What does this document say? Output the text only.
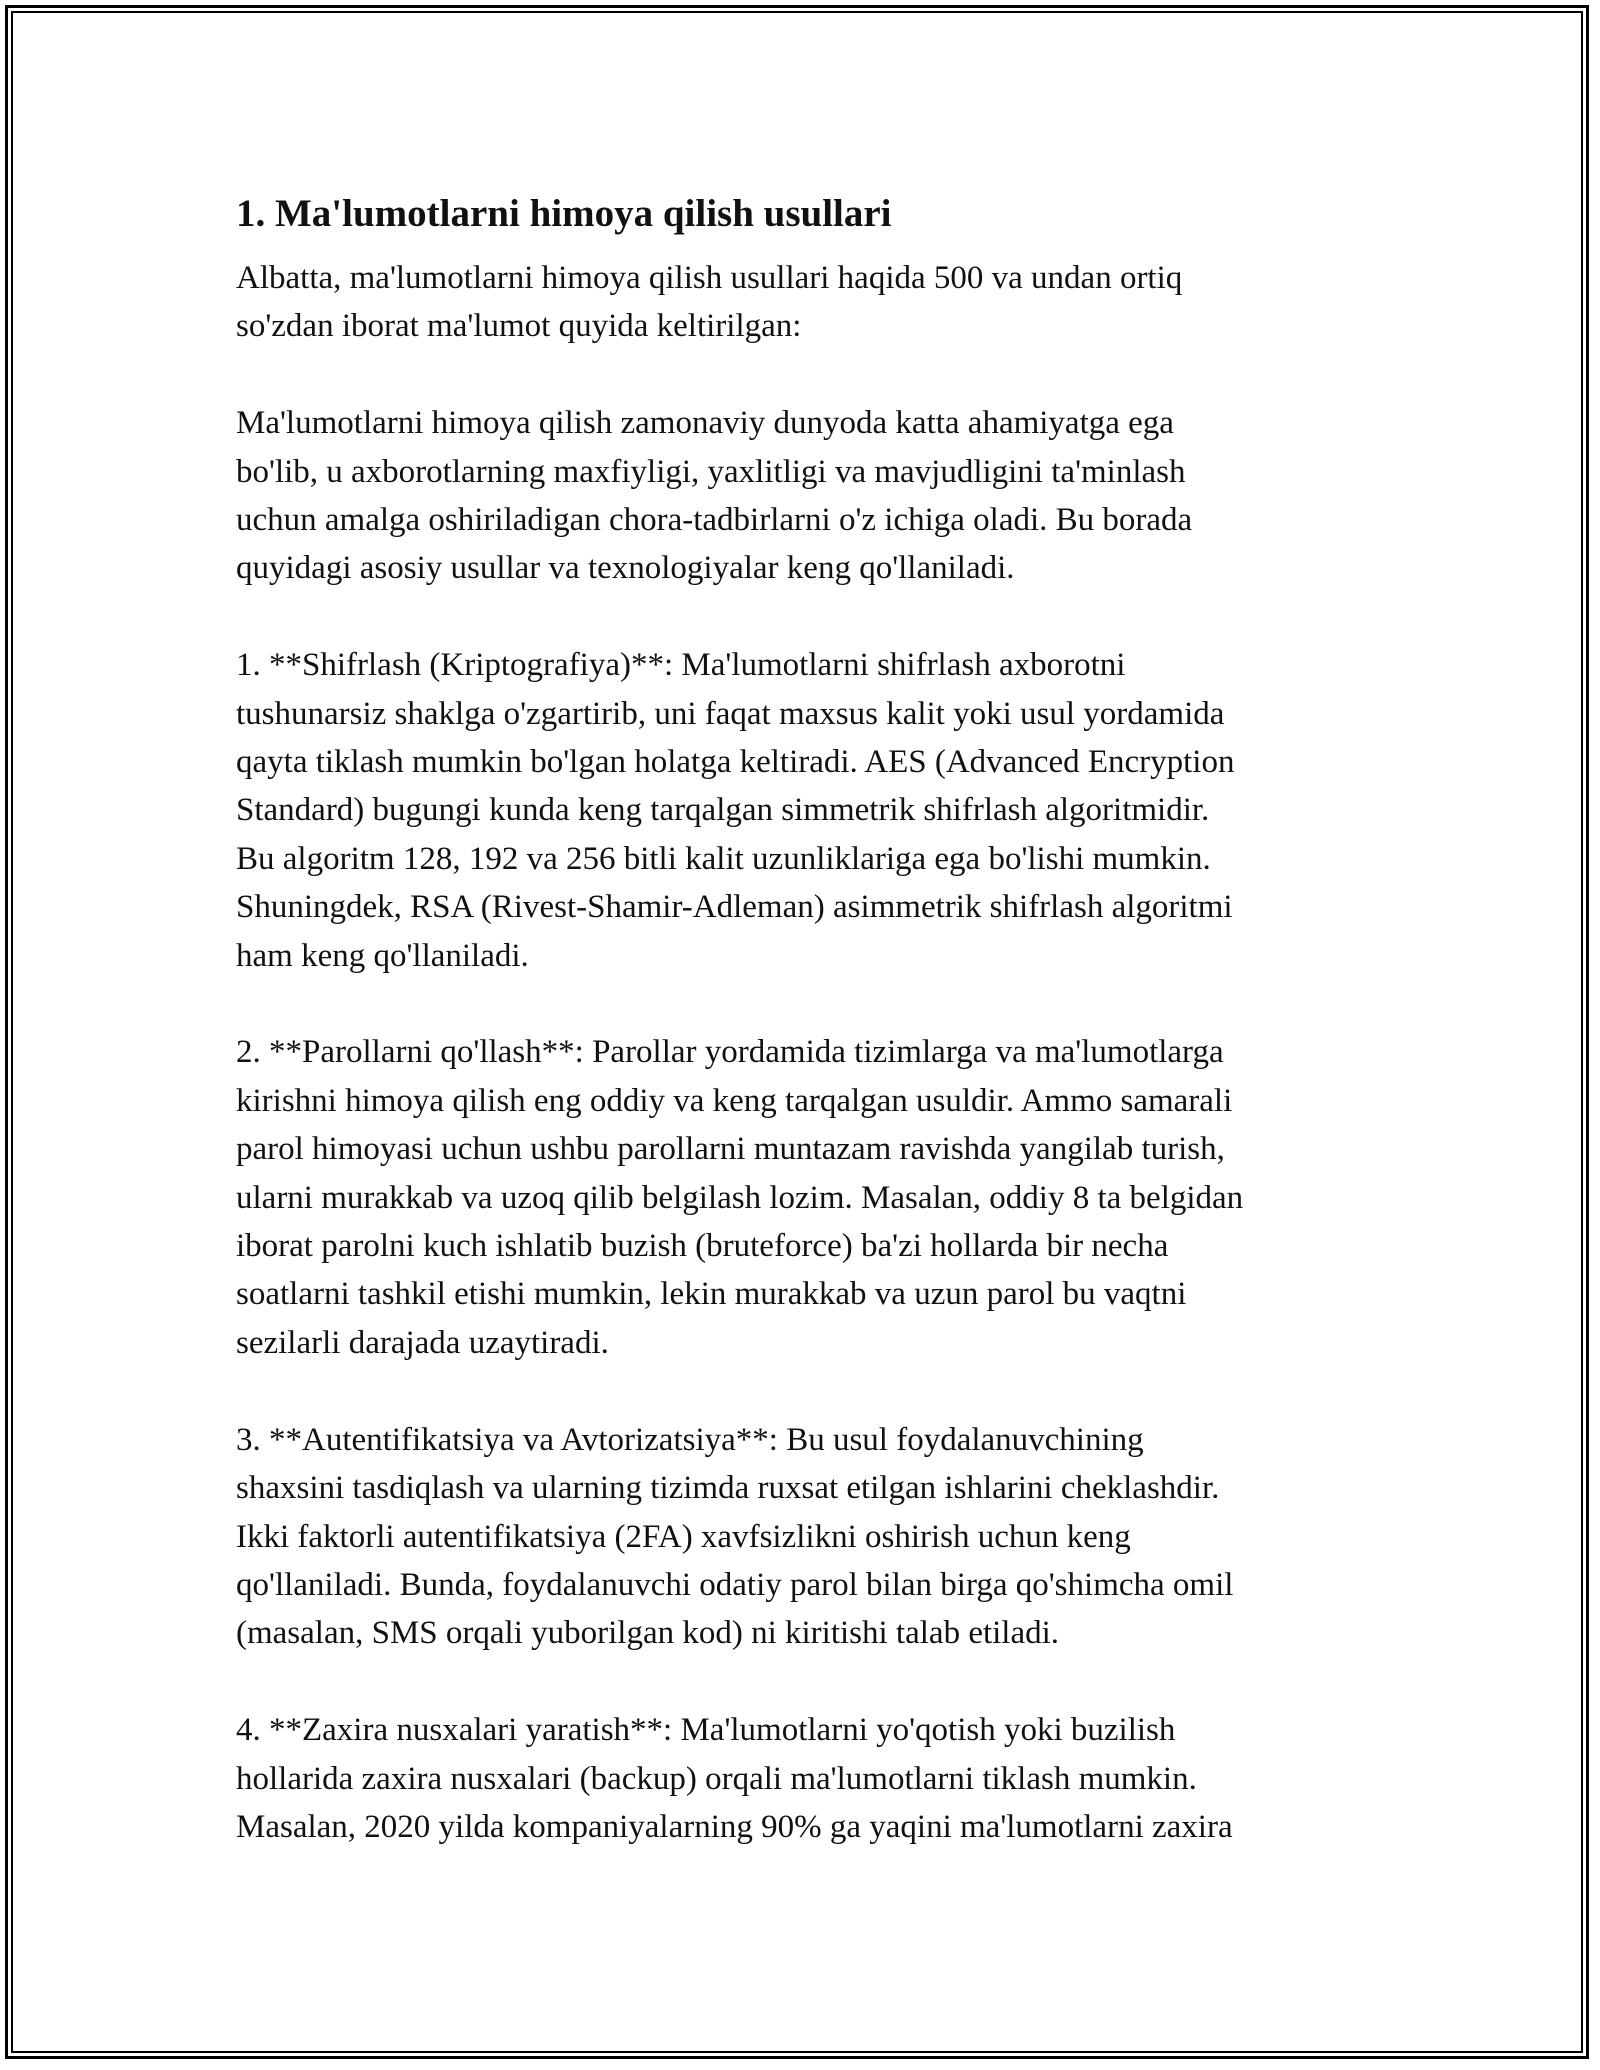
1. Ma'lumotlarni himoya qilish usullari
Albatta, ma'lumotlarni himoya qilish usullari haqida 500 va undan ortiq
so'zdan iborat ma'lumot quyida keltirilgan:
Ma'lumotlarni himoya qilish zamonaviy dunyoda katta ahamiyatga ega
bo'lib, u axborotlarning maxfiyligi, yaxlitligi va mavjudligini ta'minlash
uchun amalga oshiriladigan chora-tadbirlarni o'z ichiga oladi. Bu borada
quyidagi asosiy usullar va texnologiyalar keng qo'llaniladi.
1. **Shifrlash (Kriptografiya)**: Ma'lumotlarni shifrlash axborotni
tushunarsiz shaklga o'zgartirib, uni faqat maxsus kalit yoki usul yordamida
qayta tiklash mumkin bo'lgan holatga keltiradi. AES (Advanced Encryption
Standard) bugungi kunda keng tarqalgan simmetrik shifrlash algoritmidir.
Bu algoritm 128, 192 va 256 bitli kalit uzunliklariga ega bo'lishi mumkin.
Shuningdek, RSA (Rivest-Shamir-Adleman) asimmetrik shifrlash algoritmi
ham keng qo'llaniladi.
2. **Parollarni qo'llash**: Parollar yordamida tizimlarga va ma'lumotlarga
kirishni himoya qilish eng oddiy va keng tarqalgan usuldir. Ammo samarali
parol himoyasi uchun ushbu parollarni muntazam ravishda yangilab turish,
ularni murakkab va uzoq qilib belgilash lozim. Masalan, oddiy 8 ta belgidan
iborat parolni kuch ishlatib buzish (bruteforce) ba'zi hollarda bir necha
soatlarni tashkil etishi mumkin, lekin murakkab va uzun parol bu vaqtni
sezilarli darajada uzaytiradi.
3. **Autentifikatsiya va Avtorizatsiya**: Bu usul foydalanuvchining
shaxsini tasdiqlash va ularning tizimda ruxsat etilgan ishlarini cheklashdir.
Ikki faktorli autentifikatsiya (2FA) xavfsizlikni oshirish uchun keng
qo'llaniladi. Bunda, foydalanuvchi odatiy parol bilan birga qo'shimcha omil
(masalan, SMS orqali yuborilgan kod) ni kiritishi talab etiladi.
4. **Zaxira nusxalari yaratish**: Ma'lumotlarni yo'qotish yoki buzilish
hollarida zaxira nusxalari (backup) orqali ma'lumotlarni tiklash mumkin.
Masalan, 2020 yilda kompaniyalarning 90% ga yaqini ma'lumotlarni zaxira
